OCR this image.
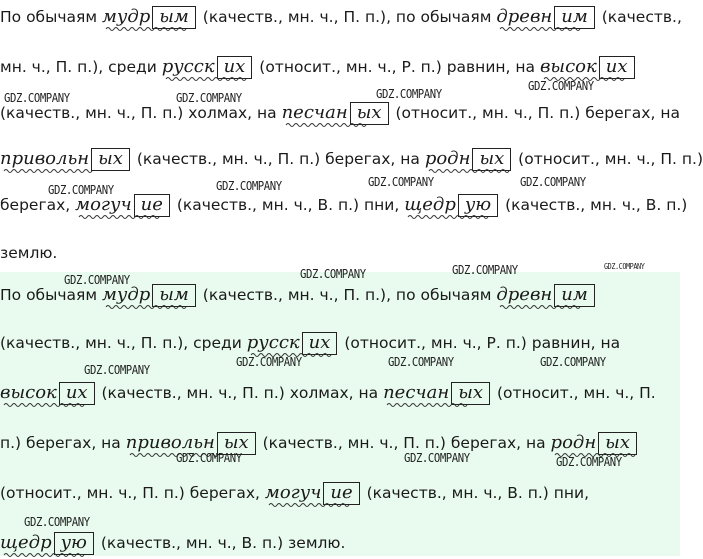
По обычаям мудр ым (качеств., мн. ч., П. п.), по обычаям древн им (качеств.,
мн. ч., П. п.), среди русск их (относит., мн. ч., Р. п.) равнин, на высок их
(качеств., мн. ч., П. п.) холмах, на песчан ых (относит., мн. ч., П. п.) берегах, на
привольн ых (качеств., мн. ч., П. п.) берегах, на родн ых (относит., мн. ч., П. п.)
берегах, могуч ие (качеств., мн. ч., В. п.) пни, щедр ую (качеств., мн. ч., В. п.)
землю.
GDZ.COMPANY	GDZ.COMPANY	GDZ.COMPANY
GDZ.COMPANY
GDZ.COMPANY	GDZ.COMPANY	GDZ.COMPANY	GDZ.COMPANY
По обычаям мудр ым (качеств., мн. ч., П. п.), по обычаям древн им
(качеств., мн. ч., П. п.), среди русск их (относит., мн. ч., Р. п.) равнин, на
высок их (качеств., мн. ч., П. п.) холмах, на песчан ых (относит., мн. ч., П.
п.) берегах, на привольн ых (качеств., мн. ч., П. п.) берегах, на родн ых
(относит., мн. ч., П. п.) берегах, могуч ие (качеств., мн. ч., В. п.) пни,
щедр ую (качеств., мн. ч., В. п.) землю.
GDZ.COMPANY	GDZ.COMPANY	GDZ.COMPANY	GDZ.COMPANY
GDZ.COMPANY
GDZ.COMPANY	GDZ.COMPANY	GDZ.COMPANY
GDZ.COMPANY	GDZ.COMPANY	GDZ.COMPANY
GDZ.COMPANY
